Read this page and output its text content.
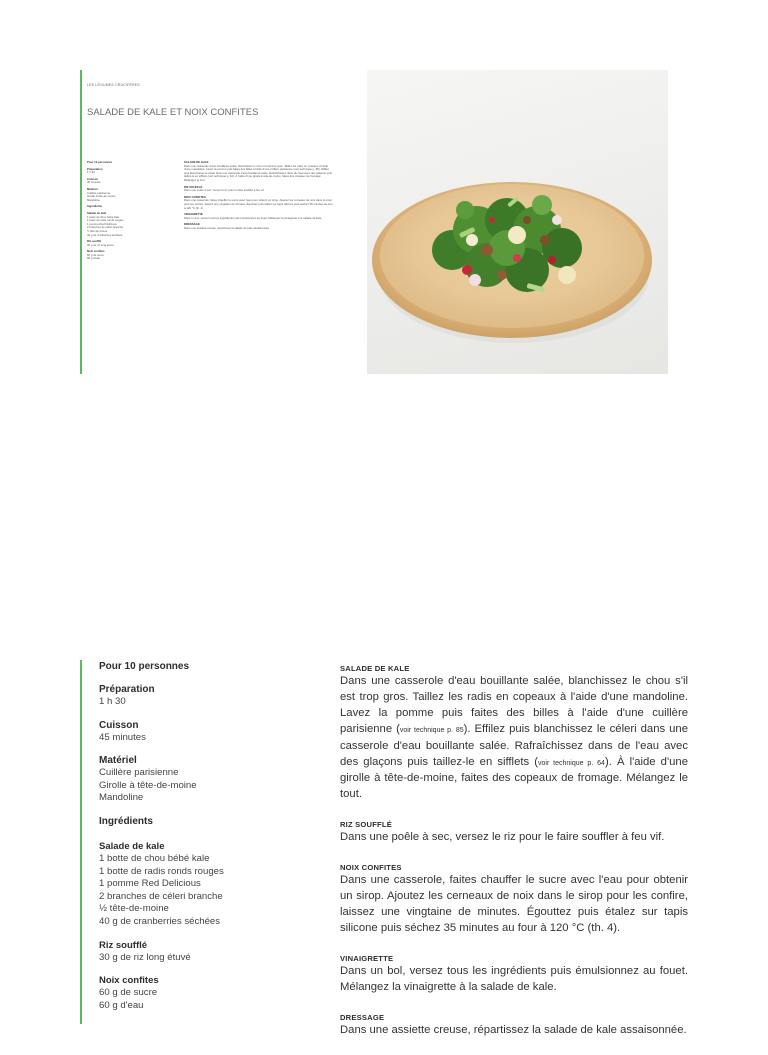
LES LÉGUMES CRUCIFÈRES
SALADE DE KALE ET NOIX CONFITES
Pour 10 personnes
Préparation
1 h 30
Cuisson
45 minutes
Matériel
Cuillère parisienne
Girolle à tête-de-moine
Mandoline
Ingrédients
Salade de kale
1 botte de chou bébé kale
1 botte de radis ronds rouges
1 pomme Red Delicious
2 branches de céleri branche
½ tête-de-moine
40 g de cranberries séchées
Riz soufflé
30 g de riz long étuvé
Noix confites
60 g de sucre
60 g d'eau
SALADE DE KALE
Dans une casserole d'eau bouillante salée, blanchissez le chou s'il est trop gros. Taillez les radis en copeaux à l'aide d'une mandoline. Lavez la pomme puis faites des billes à l'aide d'une cuillère parisienne (voir technique p. 85). Effilez puis blanchissez le céleri dans une casserole d'eau bouillante salée. Rafraîchissez dans de l'eau avec des glaçons puis taillez-le en sifflets (voir technique p. 64). À l'aide d'une girolle à tête-de-moine, faites des copeaux de fromage. Mélangez le tout.
RIZ SOUFFLÉ
Dans une poêle à sec, versez le riz pour le faire souffler à feu vif.
NOIX CONFITES
Dans une casserole, faites chauffer le sucre avec l'eau pour obtenir un sirop. Ajoutez les cerneaux de noix dans le sirop pour les confire, laissez une vingtaine de minutes. Égouttez puis étalez sur tapis silicone puis séchez 35 minutes au four à 120 °C (th. 4).
VINAIGRETTE
Dans un bol, versez tous les ingrédients puis émulsionnez au fouet. Mélangez la vinaigrette à la salade de kale.
DRESSAGE
Dans une assiette creuse, répartissez la salade de kale assaisonnée.
Pour 10 personnes
Préparation
1 h 30
Cuisson
45 minutes
Matériel
Cuillère parisienne
Girolle à tête-de-moine
Mandoline
Ingrédients
Salade de kale
1 botte de chou bébé kale
1 botte de radis ronds rouges
1 pomme Red Delicious
2 branches de céleri branche
½ tête-de-moine
40 g de cranberries séchées
Riz soufflé
30 g de riz long étuvé
Noix confites
60 g de sucre
60 g d'eau
SALADE DE KALE

Dans une casserole d'eau bouillante salée, blanchissez le chou s'il est trop gros. Taillez les radis en copeaux à l'aide d'une mandoline. Lavez la pomme puis faites des billes à l'aide d'une cuillère parisienne (voir technique p. 85). Effilez puis blanchissez le céleri dans une casserole d'eau bouillante salée. Rafraîchissez dans de l'eau avec des glaçons puis taillez-le en sifflets (voir technique p. 64). À l'aide d'une girolle à tête-de-moine, faites des copeaux de fromage. Mélangez le tout.

RIZ SOUFFLÉ

Dans une poêle à sec, versez le riz pour le faire souffler à feu vif.

NOIX CONFITES

Dans une casserole, faites chauffer le sucre avec l'eau pour obtenir un sirop. Ajoutez les cerneaux de noix dans le sirop pour les confire, laissez une vingtaine de minutes. Égouttez puis étalez sur tapis silicone puis séchez 35 minutes au four à 120 °C (th. 4).

VINAIGRETTE

Dans un bol, versez tous les ingrédients puis émulsionnez au fouet. Mélangez la vinaigrette à la salade de kale.

DRESSAGE

Dans une assiette creuse, répartissez la salade de kale assaisonnée.
